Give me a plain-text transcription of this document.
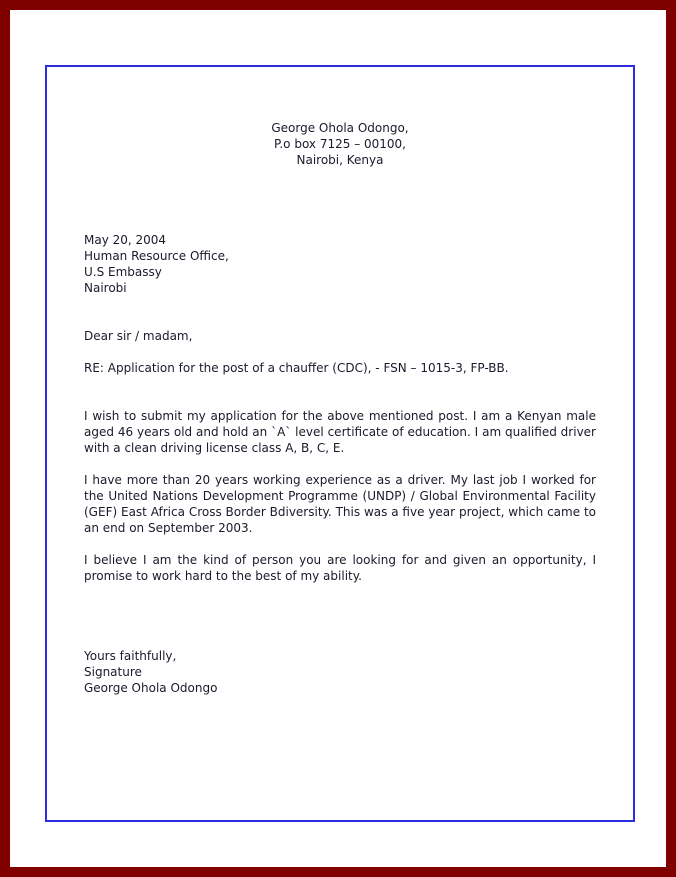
George Ohola Odongo,
P.o box 7125 – 00100,
Nairobi, Kenya
May 20, 2004
Human Resource Office,
U.S Embassy
Nairobi
Dear sir / madam,
RE: Application for the post of a chauffer (CDC), - FSN – 1015-3, FP-BB.
I wish to submit my application for the above mentioned post. I am a Kenyan male aged 46 years old and hold an `A` level certificate of education. I am qualified driver with a clean driving license class A, B, C, E.
I have more than 20 years working experience as a driver. My last job I worked for the United Nations Development Programme (UNDP) / Global Environmental Facility (GEF) East Africa Cross Border Bdiversity. This was a five year project, which came to an end on September 2003.
I believe I am the kind of person you are looking for and given an opportunity, I promise to work hard to the best of my ability.
Yours faithfully,
Signature
George Ohola Odongo
